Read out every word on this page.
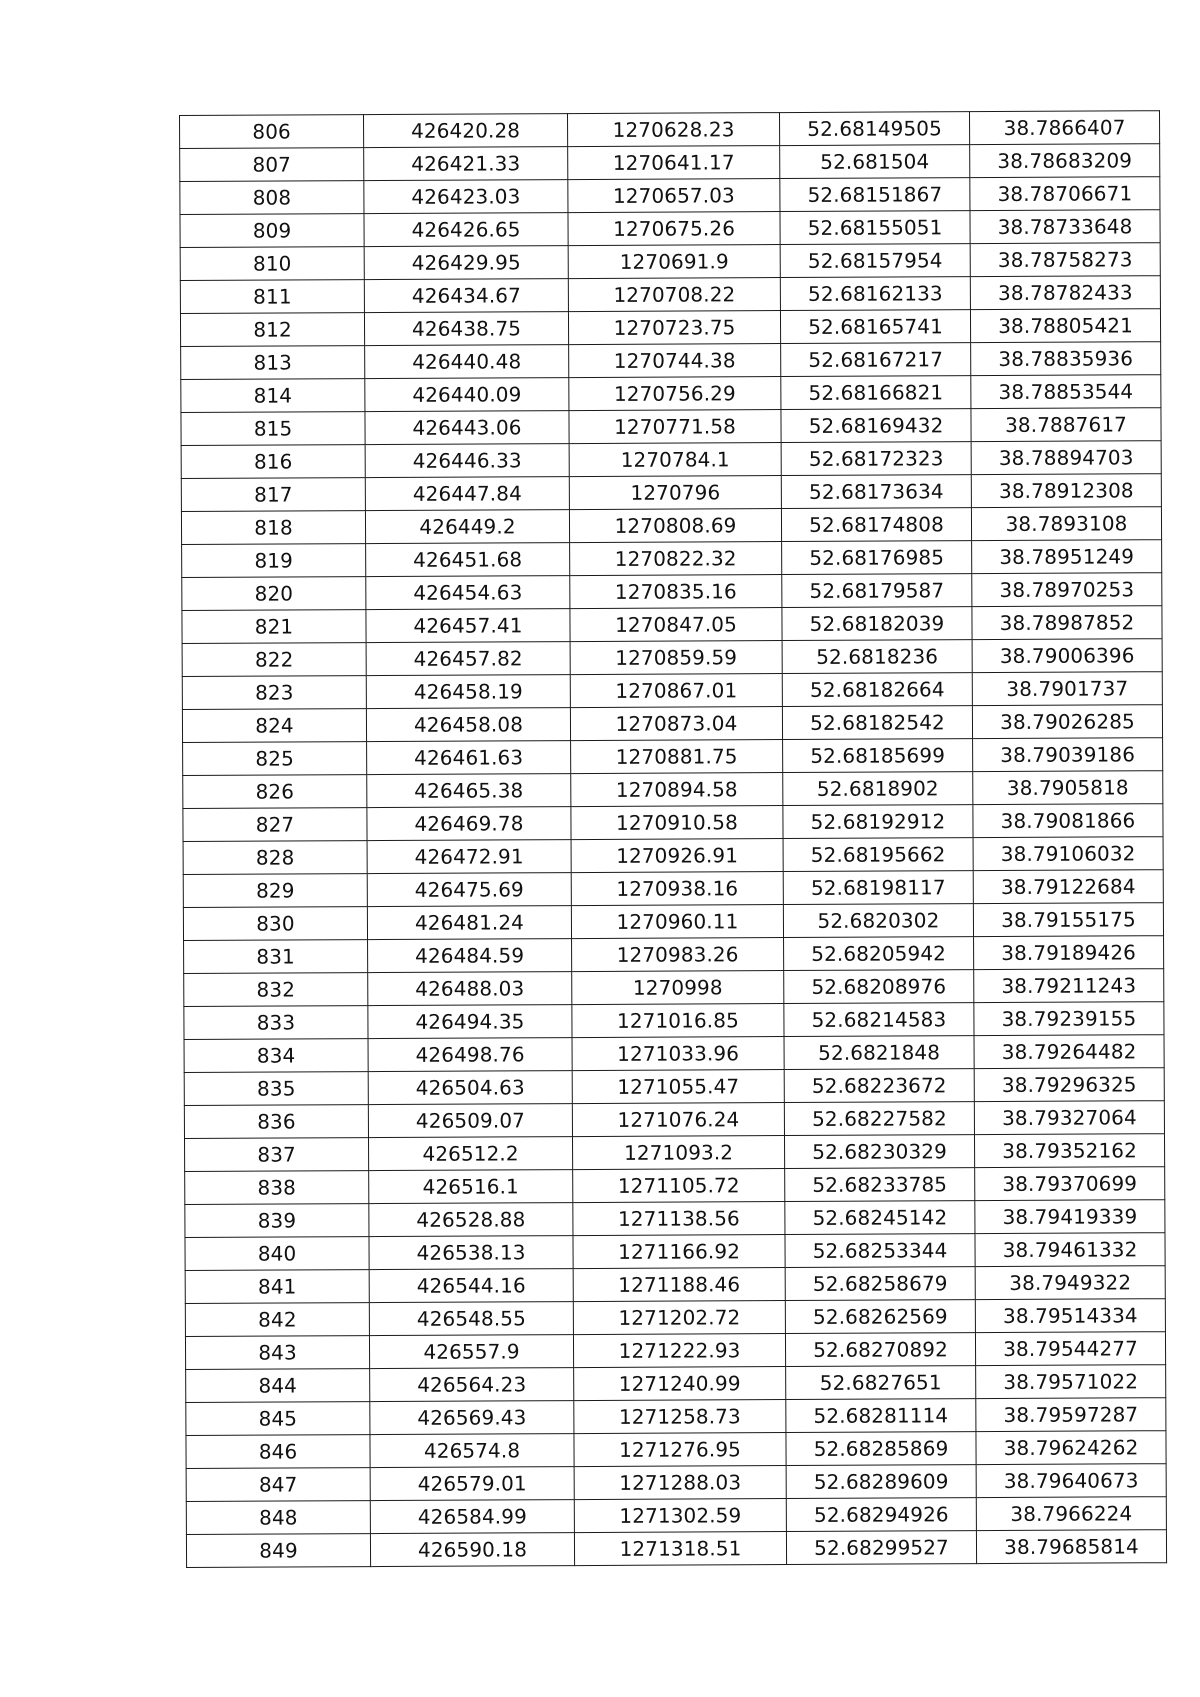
806	426420.28	1270628.23	52.68149505	38.7866407
807	426421.33	1270641.17	52.681504	38.78683209
808	426423.03	1270657.03	52.68151867	38.78706671
809	426426.65	1270675.26	52.68155051	38.78733648
810	426429.95	1270691.9	52.68157954	38.78758273
811	426434.67	1270708.22	52.68162133	38.78782433
812	426438.75	1270723.75	52.68165741	38.78805421
813	426440.48	1270744.38	52.68167217	38.78835936
814	426440.09	1270756.29	52.68166821	38.78853544
815	426443.06	1270771.58	52.68169432	38.7887617
816	426446.33	1270784.1	52.68172323	38.78894703
817	426447.84	1270796	52.68173634	38.78912308
818	426449.2	1270808.69	52.68174808	38.7893108
819	426451.68	1270822.32	52.68176985	38.78951249
820	426454.63	1270835.16	52.68179587	38.78970253
821	426457.41	1270847.05	52.68182039	38.78987852
822	426457.82	1270859.59	52.6818236	38.79006396
823	426458.19	1270867.01	52.68182664	38.7901737
824	426458.08	1270873.04	52.68182542	38.79026285
825	426461.63	1270881.75	52.68185699	38.79039186
826	426465.38	1270894.58	52.6818902	38.7905818
827	426469.78	1270910.58	52.68192912	38.79081866
828	426472.91	1270926.91	52.68195662	38.79106032
829	426475.69	1270938.16	52.68198117	38.79122684
830	426481.24	1270960.11	52.6820302	38.79155175
831	426484.59	1270983.26	52.68205942	38.79189426
832	426488.03	1270998	52.68208976	38.79211243
833	426494.35	1271016.85	52.68214583	38.79239155
834	426498.76	1271033.96	52.6821848	38.79264482
835	426504.63	1271055.47	52.68223672	38.79296325
836	426509.07	1271076.24	52.68227582	38.79327064
837	426512.2	1271093.2	52.68230329	38.79352162
838	426516.1	1271105.72	52.68233785	38.79370699
839	426528.88	1271138.56	52.68245142	38.79419339
840	426538.13	1271166.92	52.68253344	38.79461332
841	426544.16	1271188.46	52.68258679	38.7949322
842	426548.55	1271202.72	52.68262569	38.79514334
843	426557.9	1271222.93	52.68270892	38.79544277
844	426564.23	1271240.99	52.6827651	38.79571022
845	426569.43	1271258.73	52.68281114	38.79597287
846	426574.8	1271276.95	52.68285869	38.79624262
847	426579.01	1271288.03	52.68289609	38.79640673
848	426584.99	1271302.59	52.68294926	38.7966224
849	426590.18	1271318.51	52.68299527	38.79685814
